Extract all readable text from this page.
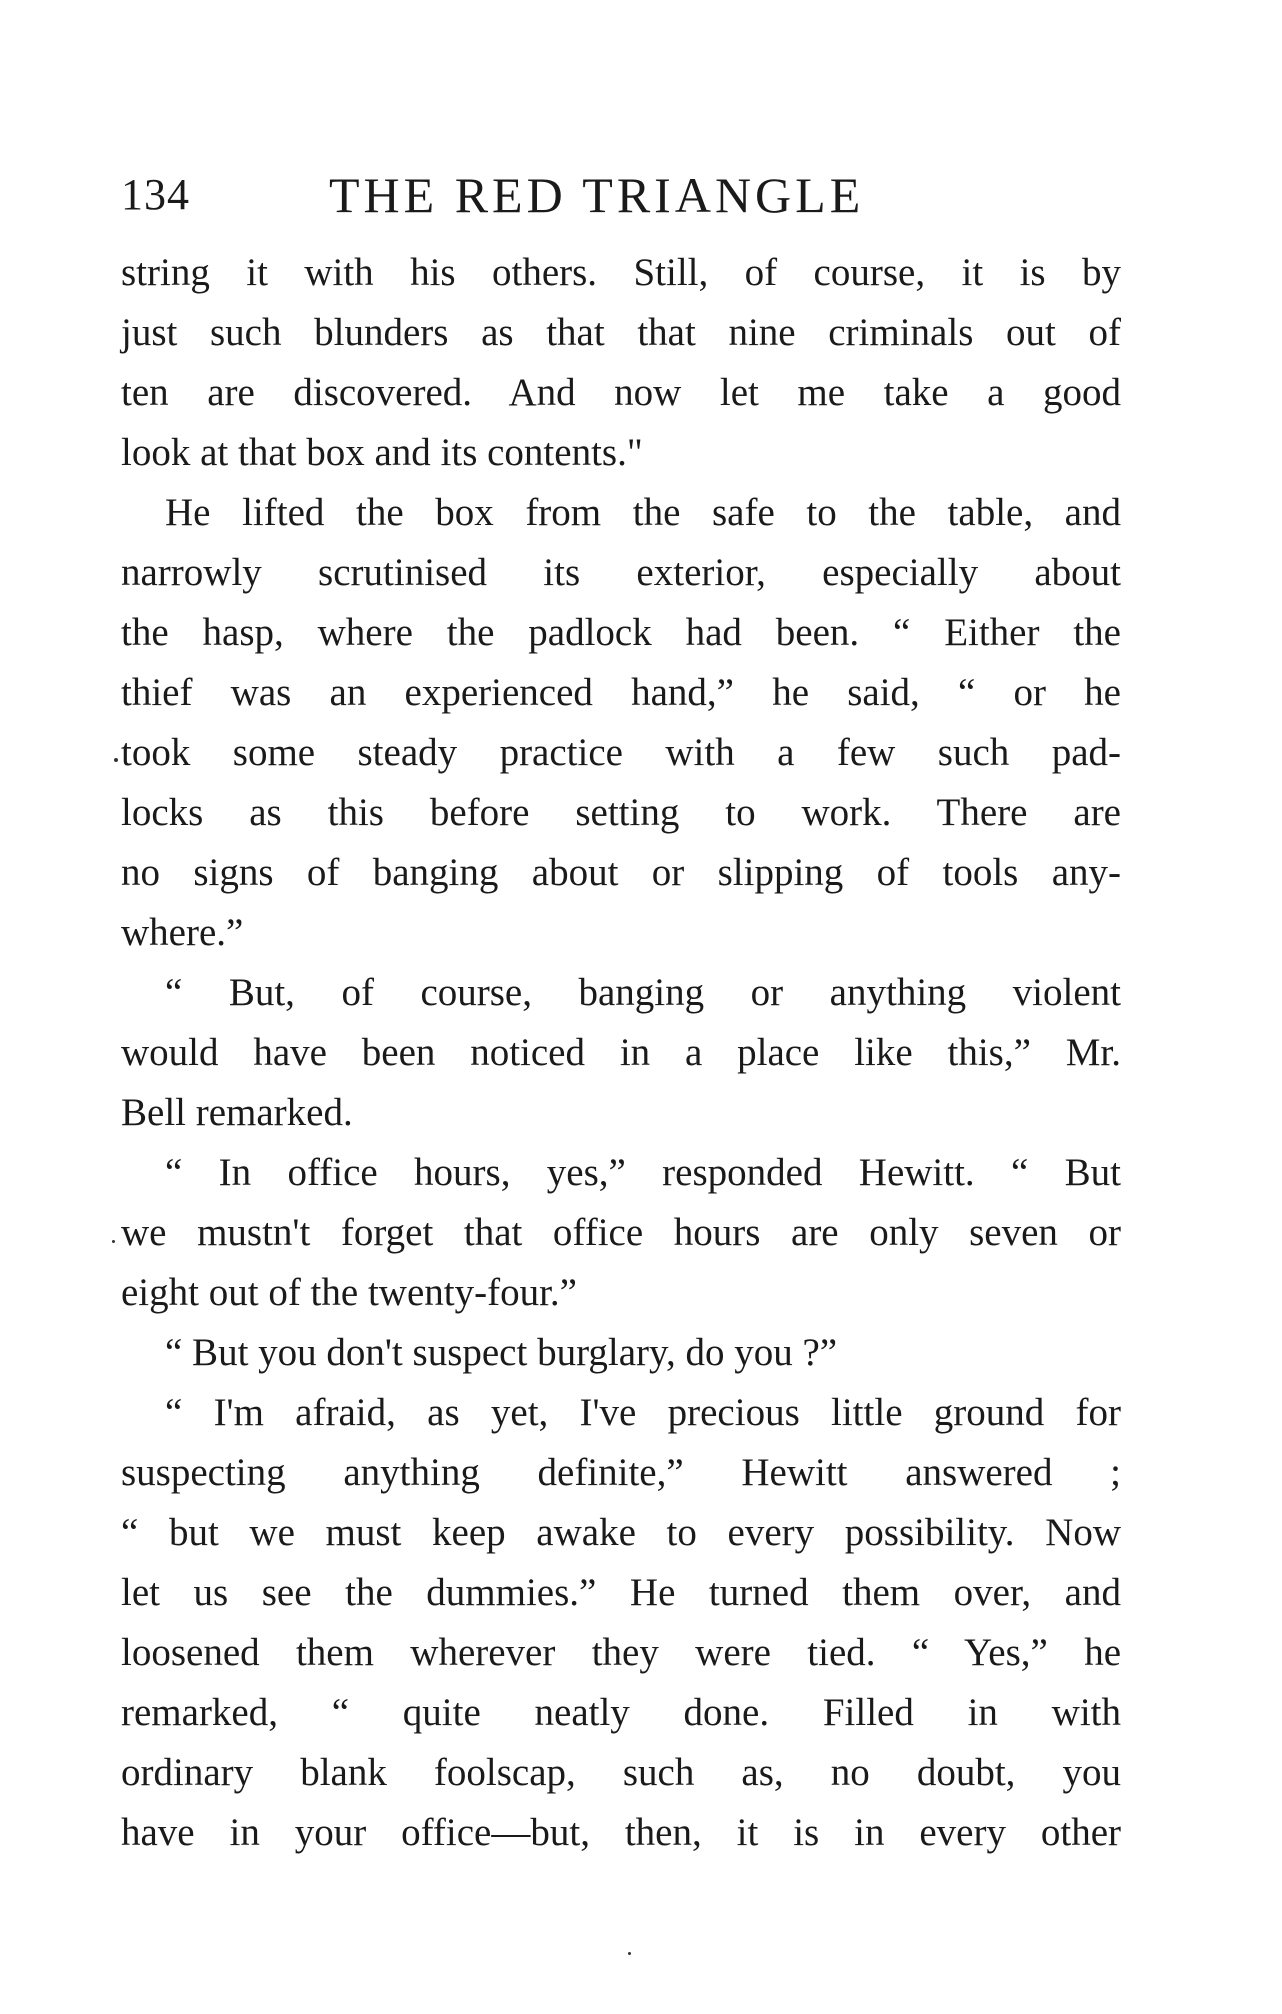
134	THE RED TRIANGLE
string it with his others. Still, of course, it is by
just such blunders as that that nine criminals out of
ten are discovered. And now let me take a good
look at that box and its contents."
He lifted the box from the safe to the table, and
narrowly scrutinised its exterior, especially about
the hasp, where the padlock had been. “ Either the
thief was an experienced hand,” he said, “ or he
took some steady practice with a few such pad-
locks as this before setting to work. There are
no signs of banging about or slipping of tools any-
where.”
“ But, of course, banging or anything violent
would have been noticed in a place like this,” Mr.
Bell remarked.
“ In office hours, yes,” responded Hewitt. “ But
we mustn't forget that office hours are only seven or
eight out of the twenty-four.”
“ But you don't suspect burglary, do you ?”
“ I'm afraid, as yet, I've precious little ground for
suspecting anything definite,” Hewitt answered ;
“ but we must keep awake to every possibility. Now
let us see the dummies.” He turned them over, and
loosened them wherever they were tied. “ Yes,” he
remarked, “ quite neatly done. Filled in with
ordinary blank foolscap, such as, no doubt, you
have in your office—but, then, it is in every other
